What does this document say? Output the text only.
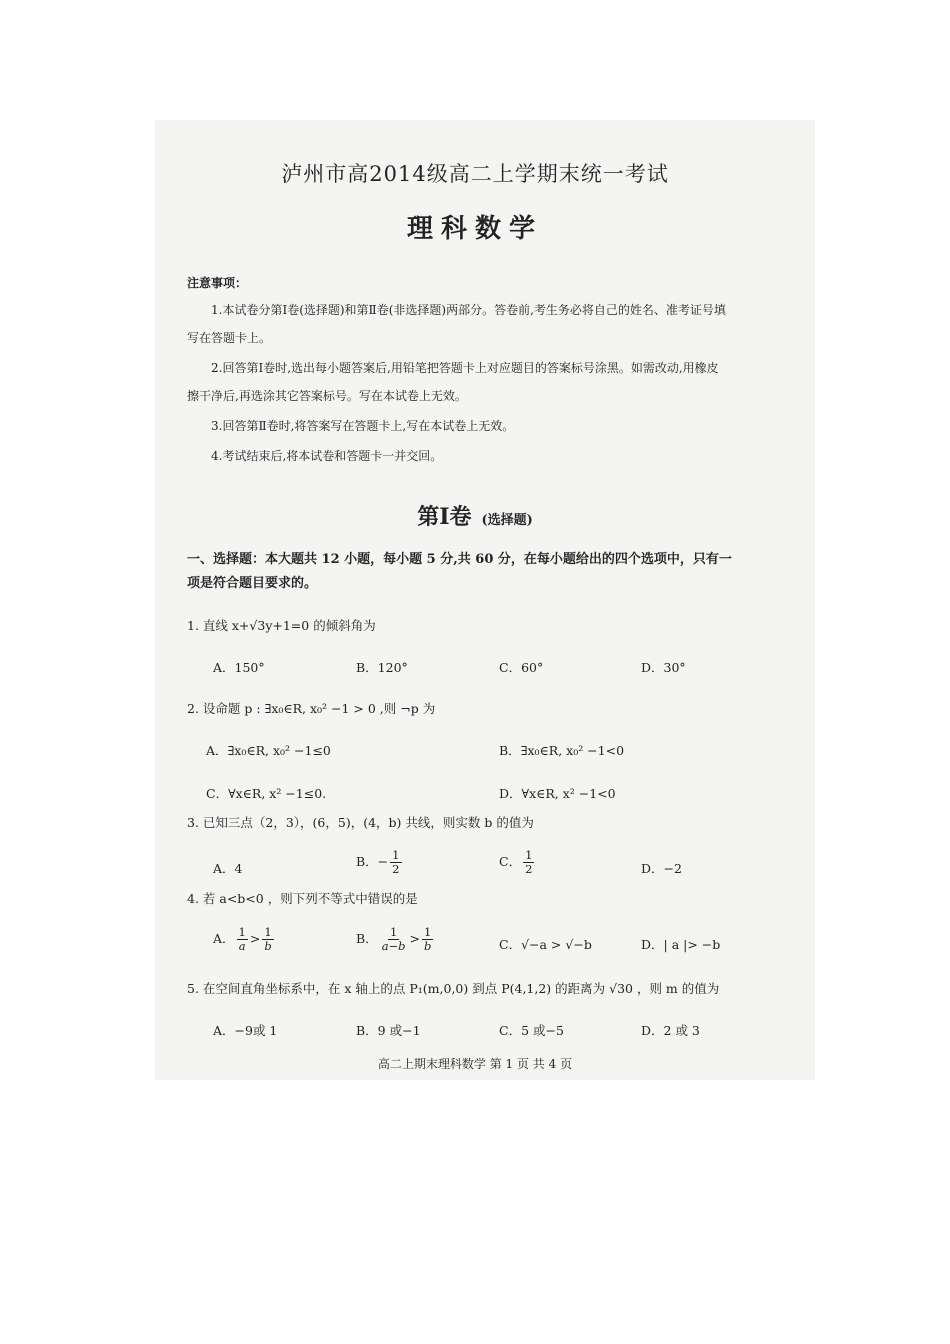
泸州市高2014级高二上学期末统一考试
理科数学
注意事项：
1.本试卷分第Ⅰ卷(选择题)和第Ⅱ卷(非选择题)两部分。答卷前,考生务必将自己的姓名、准考证号填
写在答题卡上。
2.回答第Ⅰ卷时,选出每小题答案后,用铅笔把答题卡上对应题目的答案标号涂黑。如需改动,用橡皮
擦干净后,再选涂其它答案标号。写在本试卷上无效。
3.回答第Ⅱ卷时,将答案写在答题卡上,写在本试卷上无效。
4.考试结束后,将本试卷和答题卡一并交回。
第I卷 (选择题)
一、选择题：本大题共 12 小题，每小题 5 分,共 60 分，在每小题给出的四个选项中，只有一
项是符合题目要求的。
1. 直线 x+√3y+1=0 的倾斜角为
A．150°	B．120°	C．60°	D．30°
2. 设命题 p : ∃x₀∈R, x₀² −1 > 0 ,则 ¬p 为
A．∃x₀∈R, x₀² −1≤0	B．∃x₀∈R, x₀² −1<0
C．∀x∈R, x² −1≤0.	D．∀x∈R, x² −1<0
3. 已知三点（2，3），(6，5)，(4，b) 共线，则实数 b 的值为
A．4	B．− $\frac{1}{2}$	C． $\frac{1}{2}$	D．−2
4. 若 a<b<0 ，则下列不等式中错误的是
A． $\frac{1}{a} > \frac{1}{b}$	B． $\frac{1}{a-b} > \frac{1}{b}$	C．√−a > √−b	D．| a |> −b
5. 在空间直角坐标系中，在 x 轴上的点 P₁(m,0,0) 到点 P(4,1,2) 的距离为 √30 ，则 m 的值为
A．−9或 1	B．9 或−1	C．5 或−5	D．2 或 3
高二上期末理科数学 第 1 页 共 4 页
